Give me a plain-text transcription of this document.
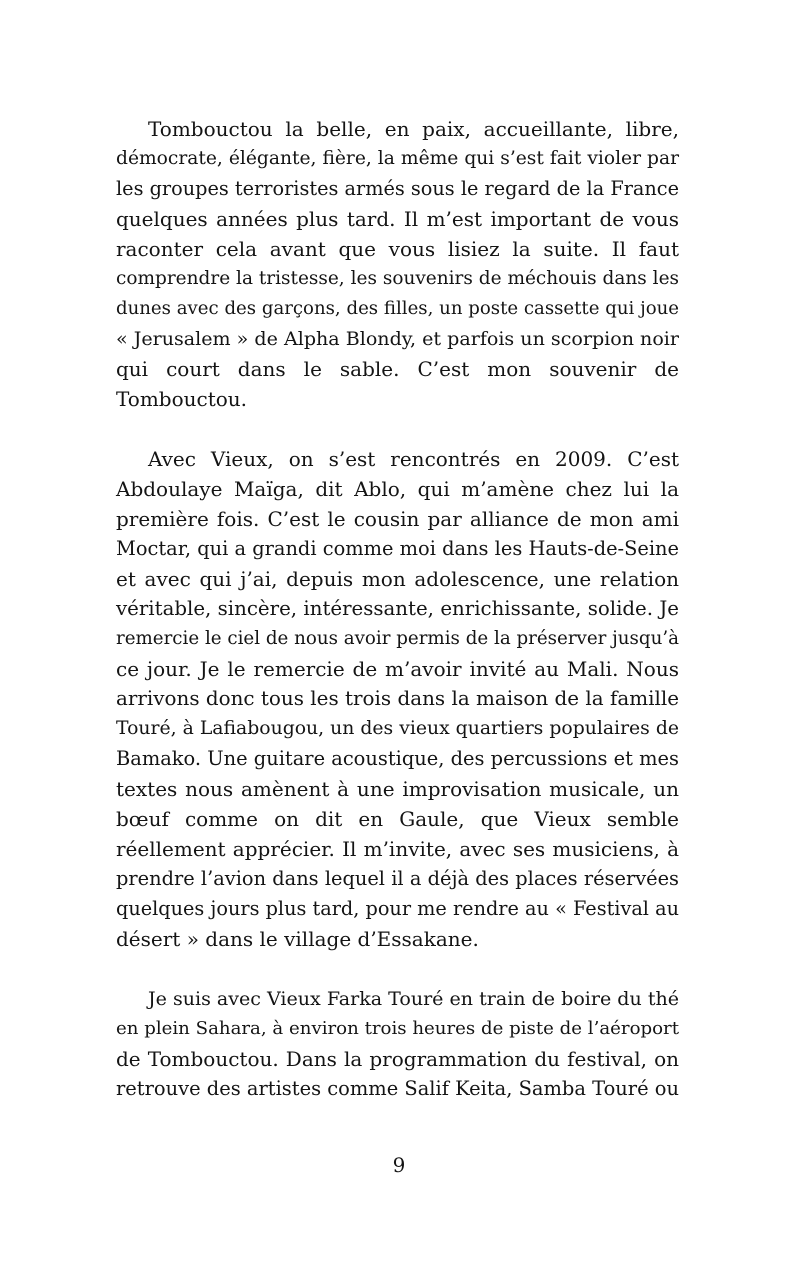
Tombouctou la belle, en paix, accueillante, libre,
démocrate, élégante, fière, la même qui s’est fait violer par
les groupes terroristes armés sous le regard de la France
quelques années plus tard. Il m’est important de vous
raconter cela avant que vous lisiez la suite. Il faut
comprendre la tristesse, les souvenirs de méchouis dans les
dunes avec des garçons, des filles, un poste cassette qui joue
« Jerusalem » de Alpha Blondy, et parfois un scorpion noir
qui court dans le sable. C’est mon souvenir de
Tombouctou.

Avec Vieux, on s’est rencontrés en 2009. C’est
Abdoulaye Maïga, dit Ablo, qui m’amène chez lui la
première fois. C’est le cousin par alliance de mon ami
Moctar, qui a grandi comme moi dans les Hauts-de-Seine
et avec qui j’ai, depuis mon adolescence, une relation
véritable, sincère, intéressante, enrichissante, solide. Je
remercie le ciel de nous avoir permis de la préserver jusqu’à
ce jour. Je le remercie de m’avoir invité au Mali. Nous
arrivons donc tous les trois dans la maison de la famille
Touré, à Lafiabougou, un des vieux quartiers populaires de
Bamako. Une guitare acoustique, des percussions et mes
textes nous amènent à une improvisation musicale, un
bœuf comme on dit en Gaule, que Vieux semble
réellement apprécier. Il m’invite, avec ses musiciens, à
prendre l’avion dans lequel il a déjà des places réservées
quelques jours plus tard, pour me rendre au « Festival au
désert » dans le village d’Essakane.

Je suis avec Vieux Farka Touré en train de boire du thé
en plein Sahara, à environ trois heures de piste de l’aéroport
de Tombouctou. Dans la programmation du festival, on
retrouve des artistes comme Salif Keita, Samba Touré ou

9
